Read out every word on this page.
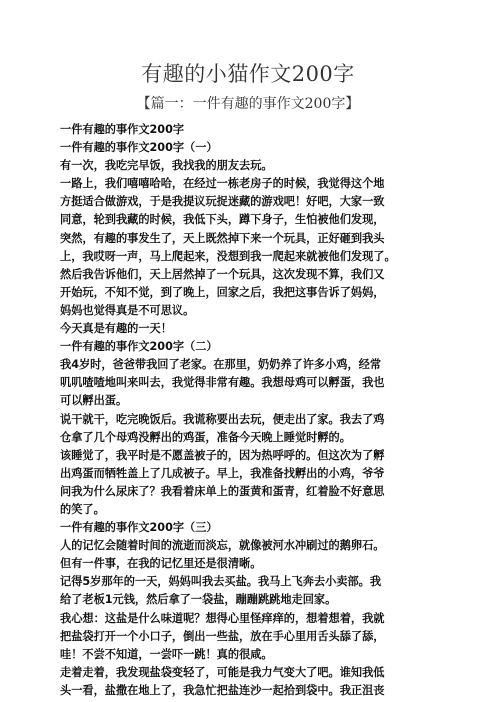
有趣的小猫作文200字
【篇一：一件有趣的事作文200字】
一件有趣的事作文200字
一件有趣的事作文200字（一）
有一次，我吃完早饭，我找我的朋友去玩。
一路上，我们嘻嘻哈哈，在经过一栋老房子的时候，我觉得这个地
方挺适合做游戏，于是我提议玩捉迷藏的游戏吧！好吧，大家一致
同意，轮到我藏的时候，我低下头，蹲下身子，生怕被他们发现，
突然，有趣的事发生了，天上既然掉下来一个玩具，正好砸到我头
上，我哎呀一声，马上爬起来，没想到我一爬起来就被他们发现了。
然后我告诉他们，天上居然掉了一个玩具，这次发现不算，我们又
开始玩，不知不觉，到了晚上，回家之后，我把这事告诉了妈妈，
妈妈也觉得真是不可思议。
今天真是有趣的一天！
一件有趣的事作文200字（二）
我4岁时，爸爸带我回了老家。在那里，奶奶养了许多小鸡，经常
叽叽喳喳地叫来叫去，我觉得非常有趣。我想母鸡可以孵蛋，我也
可以孵出蛋。
说干就干，吃完晚饭后。我谎称要出去玩，便走出了家。我去了鸡
仓拿了几个母鸡没孵出的鸡蛋，准备今天晚上睡觉时孵的。
该睡觉了，我平时是不愿盖被子的，因为热呼呼的。但这次为了孵
出鸡蛋而牺牲盖上了几成被子。早上，我准备找孵出的小鸡，爷爷
问我为什么尿床了？我看着床单上的蛋黄和蛋青，红着脸不好意思
的笑了。
一件有趣的事作文200字（三）
人的记忆会随着时间的流逝而淡忘，就像被河水冲刷过的鹅卵石。
但有一件事，在我的记忆里还是很清晰。
记得5岁那年的一天，妈妈叫我去买盐。我马上飞奔去小卖部。我
给了老板1元钱，然后拿了一袋盐，蹦蹦跳跳地走回家。
我心想：这盐是什么味道呢？想得心里怪痒痒的，想着想着，我就
把盐袋打开一个小口子，倒出一些盐，放在手心里用舌头舔了舔，
哇！不尝不知道，一尝吓一跳！真的很咸。
走着走着，我发现盐袋变轻了，可能是我力气变大了吧。谁知我低
头一看，盐撒在地上了，我急忙把盐连沙一起拾到袋中。我正沮丧
